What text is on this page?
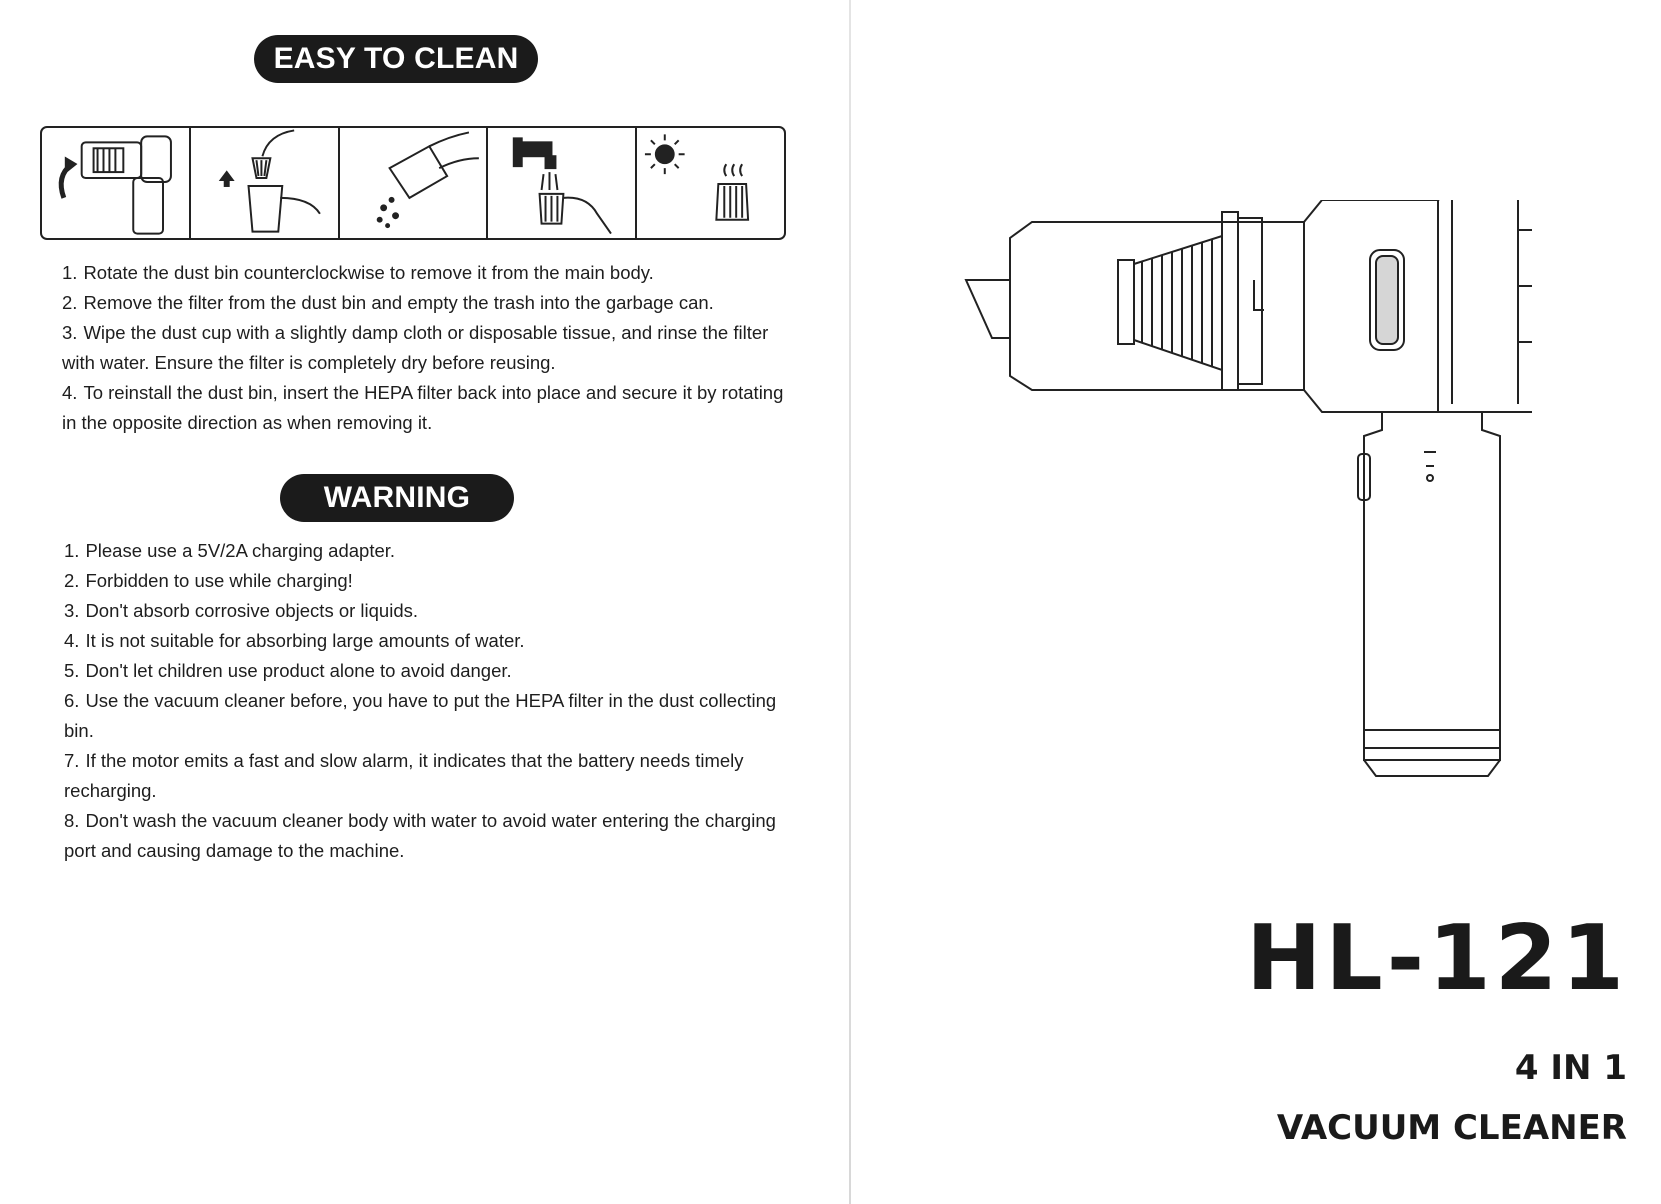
EASY TO CLEAN
1. Rotate the dust bin counterclockwise to remove it from the main body.
2. Remove the filter from the dust bin and empty the trash into the garbage can.
3. Wipe the dust cup with a slightly damp cloth or disposable tissue, and rinse the filter with water. Ensure the filter is completely dry before reusing.
4. To reinstall the dust bin, insert the HEPA filter back into place and secure it by rotating in the opposite direction as when removing it.
WARNING
1. Please use a 5V/2A charging adapter.
2. Forbidden to use while charging!
3. Don't absorb corrosive objects or liquids.
4. It is not suitable for absorbing large amounts of water.
5. Don't let children use product alone to avoid danger.
6. Use the vacuum cleaner before, you have to put the HEPA filter in the dust collecting bin.
7. If the motor emits a fast and slow alarm, it indicates that the battery needs timely recharging.
8. Don't wash the vacuum cleaner body with water to avoid water entering the charging port and causing damage to the machine.
HL-121
4 IN 1
VACUUM CLEANER
